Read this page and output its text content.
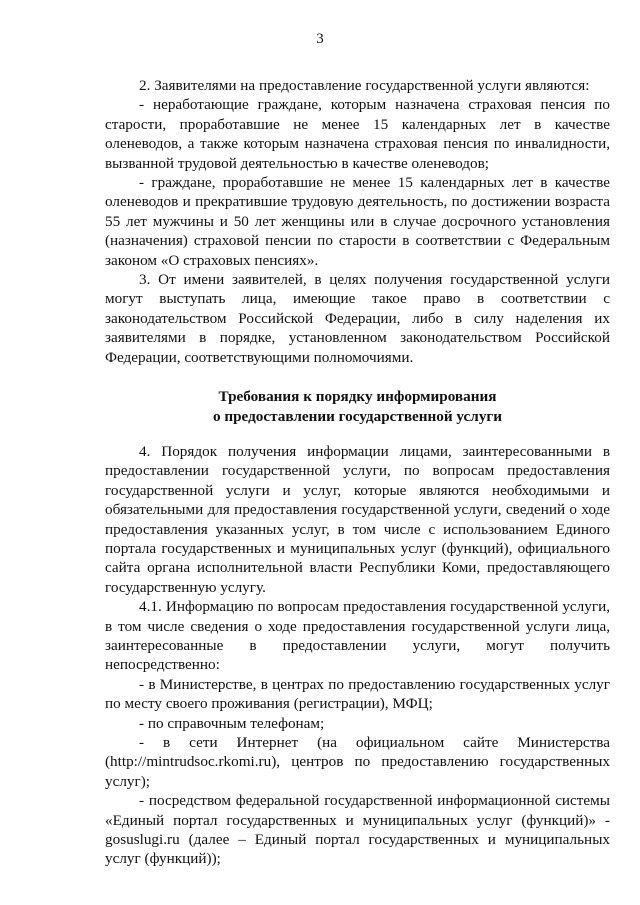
3

2. Заявителями на предоставление государственной услуги являются:

- неработающие граждане, которым назначена страховая пенсия по старости, проработавшие не менее 15 календарных лет в качестве оленеводов, а также которым назначена страховая пенсия по инвалидности, вызванной трудовой деятельностью в качестве оленеводов;

- граждане, проработавшие не менее 15 календарных лет в качестве оленеводов и прекратившие трудовую деятельность, по достижении возраста 55 лет мужчины и 50 лет женщины или в случае досрочного установления (назначения) страховой пенсии по старости в соответствии с Федеральным законом «О страховых пенсиях».

3. От имени заявителей, в целях получения государственной услуги могут выступать лица, имеющие такое право в соответствии с законодательством Российской Федерации, либо в силу наделения их заявителями в порядке, установленном законодательством Российской Федерации, соответствующими полномочиями.

Требования к порядку информирования
о предоставлении государственной услуги

4. Порядок получения информации лицами, заинтересованными в предоставлении государственной услуги, по вопросам предоставления государственной услуги и услуг, которые являются необходимыми и обязательными для предоставления государственной услуги, сведений о ходе предоставления указанных услуг, в том числе с использованием Единого портала государственных и муниципальных услуг (функций), официального сайта органа исполнительной власти Республики Коми, предоставляющего государственную услугу.

4.1. Информацию по вопросам предоставления государственной услуги, в том числе сведения о ходе предоставления государственной услуги лица, заинтересованные в предоставлении услуги, могут получить непосредственно:

- в Министерстве, в центрах по предоставлению государственных услуг по месту своего проживания (регистрации), МФЦ;

- по справочным телефонам;

- в сети Интернет (на официальном сайте Министерства (http://mintrudsoc.rkomi.ru), центров по предоставлению государственных услуг);

- посредством федеральной государственной информационной системы «Единый портал государственных и муниципальных услуг (функций)» - gosuslugi.ru (далее – Единый портал государственных и муниципальных услуг (функций));
